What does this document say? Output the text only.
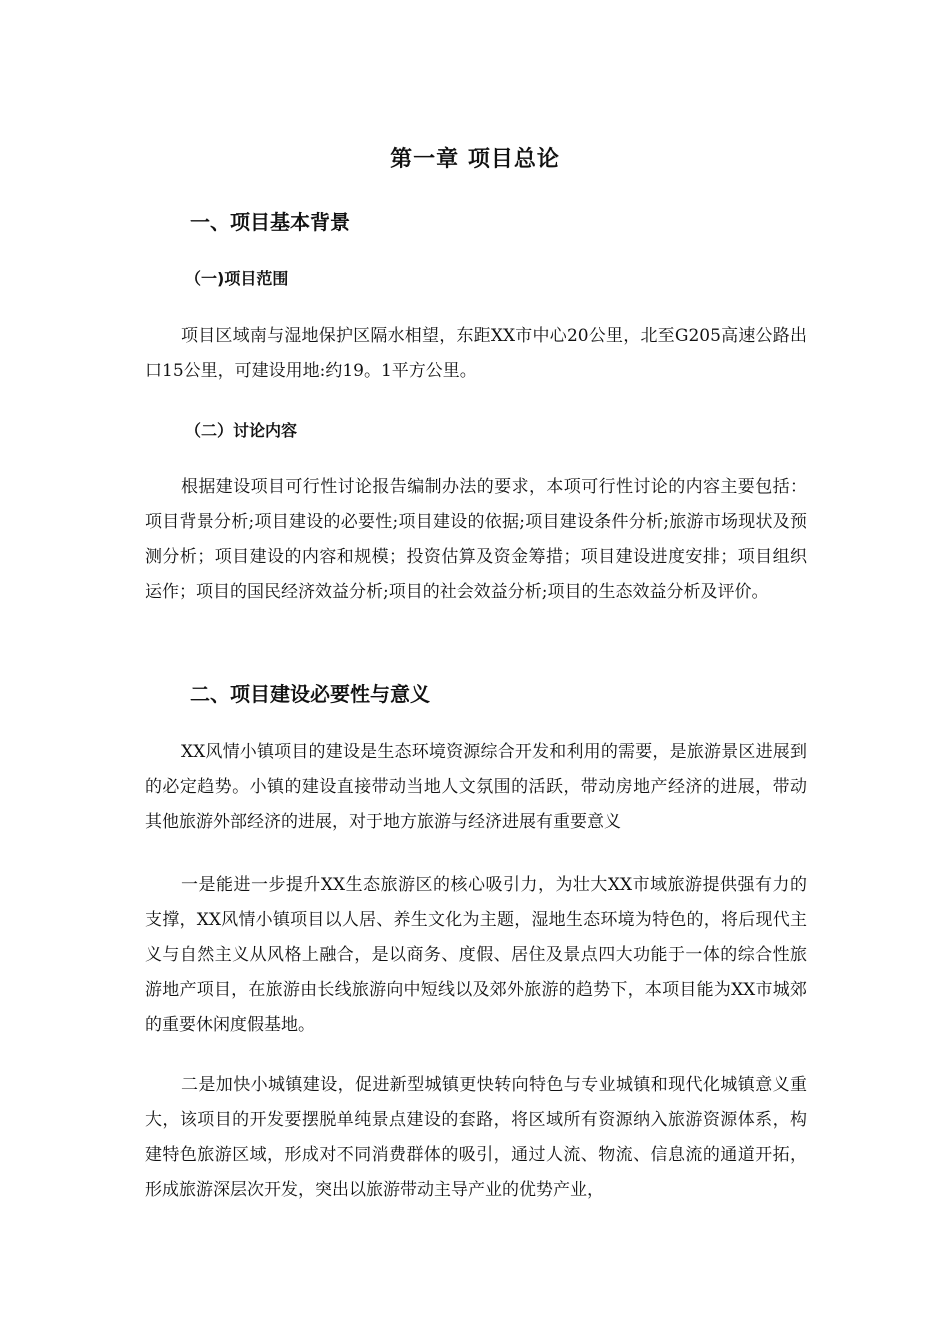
第一章 项目总论
一、项目基本背景
（一)项目范围

项目区域南与湿地保护区隔水相望，东距XX市中心20公里，北至G205高速公路出口15公里，可建设用地:约19。1平方公里。

（二）讨论内容

根据建设项目可行性讨论报告编制办法的要求，本项可行性讨论的内容主要包括：项目背景分析;项目建设的必要性;项目建设的依据;项目建设条件分析;旅游市场现状及预测分析；项目建设的内容和规模；投资估算及资金筹措；项目建设进度安排；项目组织运作；项目的国民经济效益分析;项目的社会效益分析;项目的生态效益分析及评价。

二、项目建设必要性与意义

XX风情小镇项目的建设是生态环境资源综合开发和利用的需要，是旅游景区进展到的必定趋势。小镇的建设直接带动当地人文氛围的活跃，带动房地产经济的进展，带动其他旅游外部经济的进展，对于地方旅游与经济进展有重要意义

一是能进一步提升XX生态旅游区的核心吸引力，为壮大XX市域旅游提供强有力的支撑，XX风情小镇项目以人居、养生文化为主题，湿地生态环境为特色的，将后现代主义与自然主义从风格上融合，是以商务、度假、居住及景点四大功能于一体的综合性旅游地产项目，在旅游由长线旅游向中短线以及郊外旅游的趋势下，本项目能为XX市城郊的重要休闲度假基地。

二是加快小城镇建设，促进新型城镇更快转向特色与专业城镇和现代化城镇意义重大，该项目的开发要摆脱单纯景点建设的套路，将区域所有资源纳入旅游资源体系，构建特色旅游区域，形成对不同消费群体的吸引，通过人流、物流、信息流的通道开拓，形成旅游深层次开发，突出以旅游带动主导产业的优势产业，
